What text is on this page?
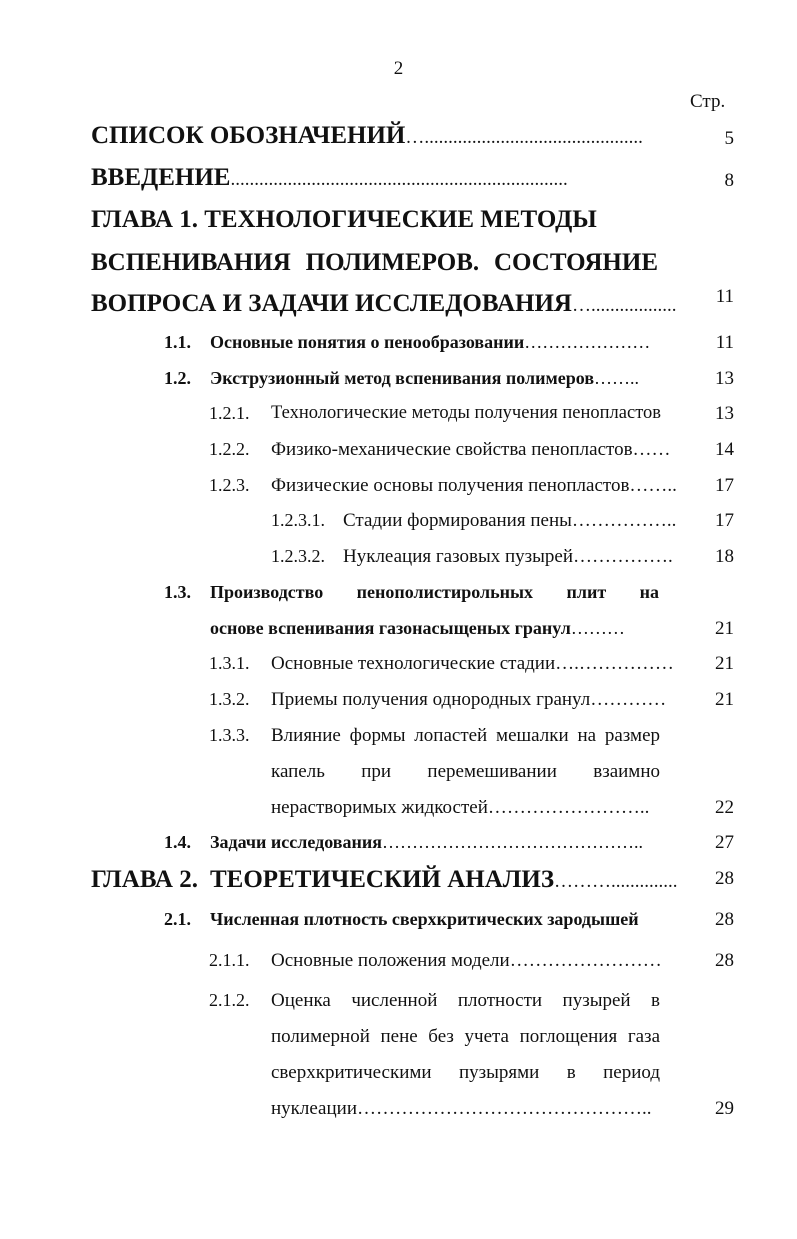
2
Стр.
СПИСОК ОБОЗНАЧЕНИЙ…..............................................	5
ВВЕДЕНИЕ.......................................................................	8
ГЛАВА 1. ТЕХНОЛОГИЧЕСКИЕ МЕТОДЫ
ВСПЕНИВАНИЯ ПОЛИМЕРОВ. СОСТОЯНИЕ
ВОПРОСА И ЗАДАЧИ ИССЛЕДОВАНИЯ….................. 11
1.1. Основные понятия о пенообразовании…………………	11
1.2. Экструзионный метод вспенивания полимеров……..	13
1.2.1. Технологические методы получения пенопластов	13
1.2.2. Физико-механические свойства пенопластов…… 14
1.2.3. Физические основы получения пенопластов…….. 17
1.2.3.1. Стадии формирования пены…………….. 17
1.2.3.2. Нуклеация газовых пузырей……………. 18
1.3. Производство пенополистирольных плит на
основе вспенивания газонасыщеных гранул………	21
1.3.1. Основные технологические стадии….…………… 21
1.3.2. Приемы получения однородных гранул…………	21
1.3.3. Влияние формы лопастей мешалки на размер
капель при перемешивании взаимно
нерастворимых жидкостей……………………..	22
1.4. Задачи исследования……………………………………..	27
ГЛАВА 2. ТЕОРЕТИЧЕСКИЙ АНАЛИЗ……….............. 28
2.1. Численная плотность сверхкритических зародышей	28
2.1.1. Основные положения модели……………………	28
2.1.2. Оценка численной плотности пузырей в
полимерной пене без учета поглощения газа
сверхкритическими пузырями в период
нуклеации………………………………………..	29
